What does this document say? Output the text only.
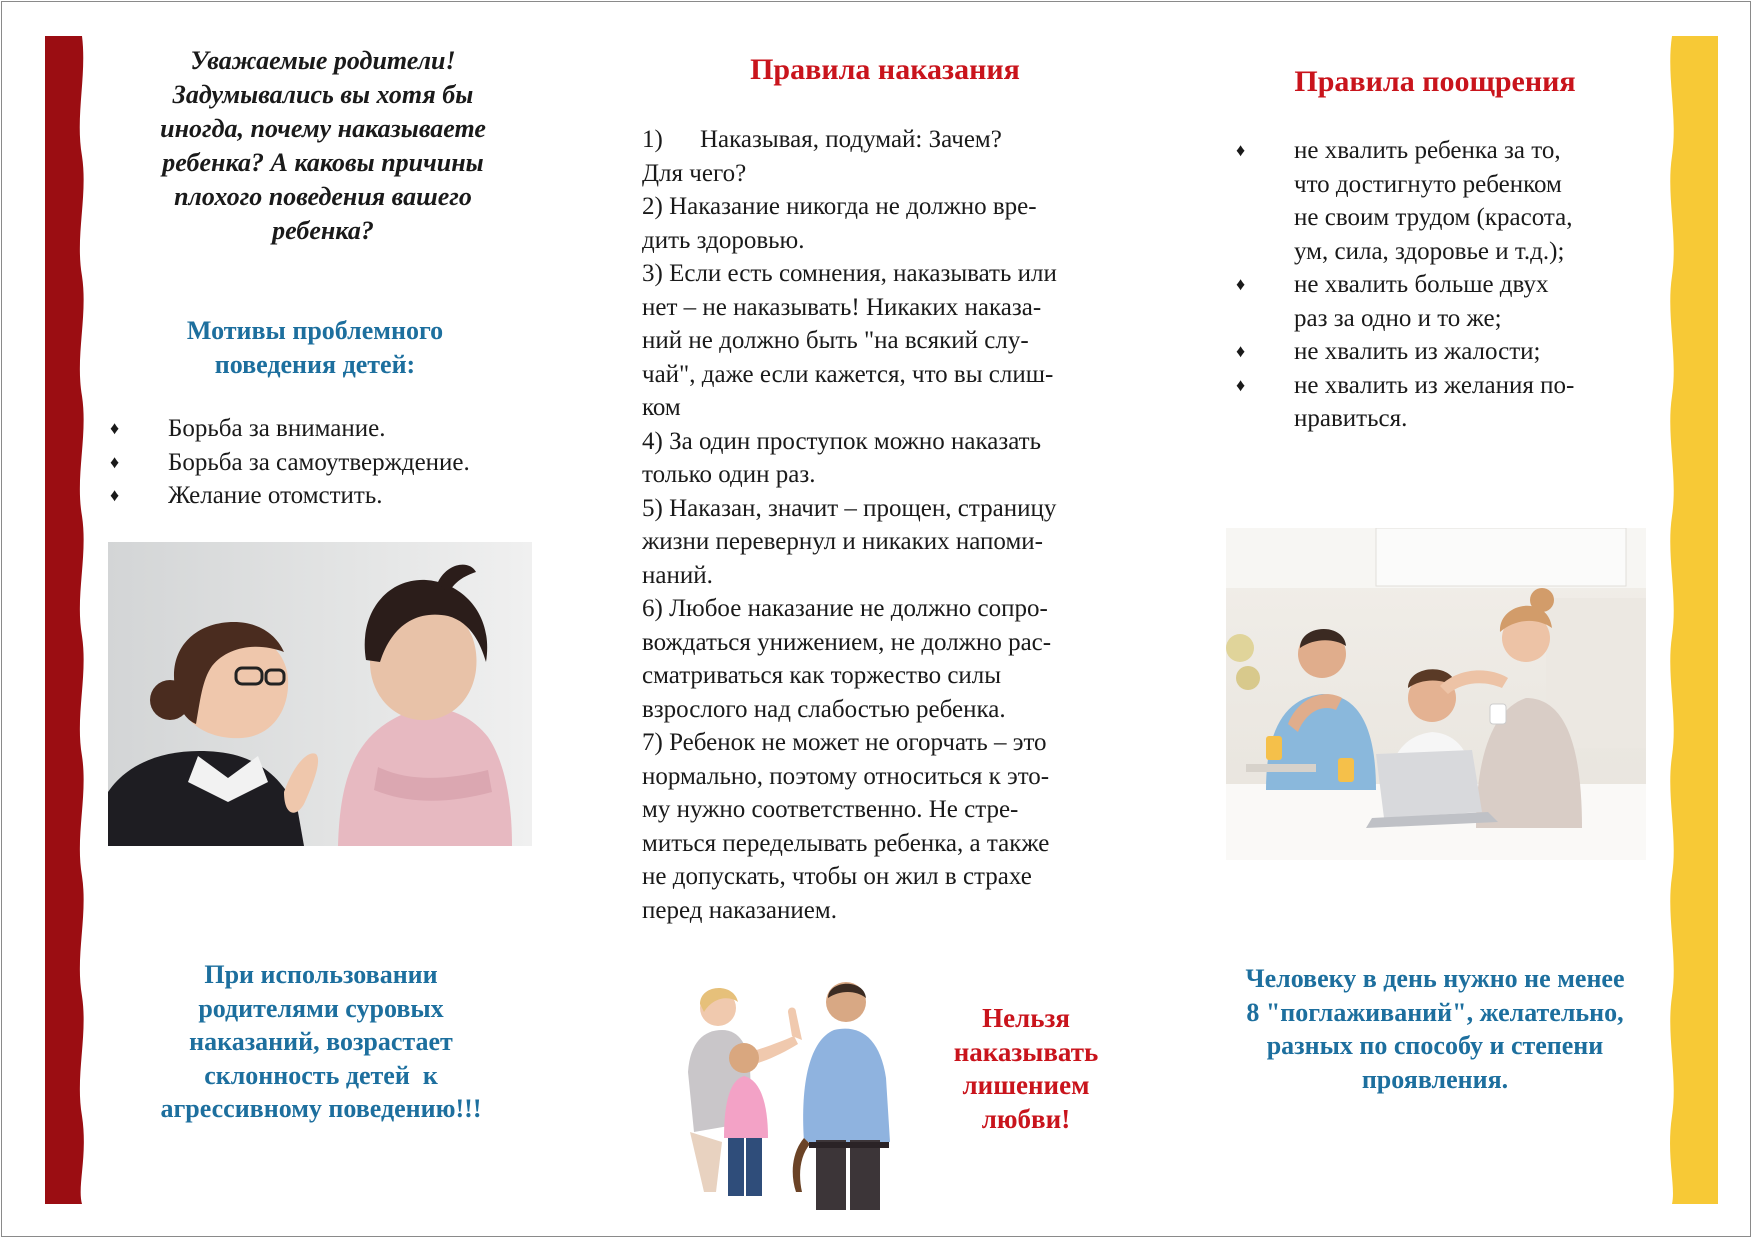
Уважаемые родители!
Задумывались вы хотя бы
иногда, почему наказываете
ребенка? А каковы причины
плохого поведения вашего
ребенка?
Мотивы проблемного
поведения детей:
♦ Борьба за внимание.
♦ Борьба за самоутверждение.
♦ Желание отомстить.
При использовании
родителями суровых
наказаний, возрастает
склонность детей  к
агрессивному поведению!!!
Правила наказания
1) Наказывая, подумай: Зачем?
Для чего?
2) Наказание никогда не должно вре-
дить здоровью.
3) Если есть сомнения, наказывать или
нет – не наказывать! Никаких наказа-
ний не должно быть "на всякий слу-
чай", даже если кажется, что вы слиш-
ком
4) За один проступок можно наказать
только один раз.
5) Наказан, значит – прощен, страницу
жизни перевернул и никаких напоми-
наний.
6) Любое наказание не должно сопро-
вождаться унижением, не должно рас-
сматриваться как торжество силы
взрослого над слабостью ребенка.
7) Ребенок не может не огорчать – это
нормально, поэтому относиться к это-
му нужно соответственно. Не стре-
миться переделывать ребенка, а также
не допускать, чтобы он жил в страхе
перед наказанием.
Нельзя
наказывать
лишением
любви!
Правила поощрения
♦ не хвалить ребенка за то,
что достигнуто ребенком
не своим трудом (красота,
ум, сила, здоровье и т.д.);
♦ не хвалить больше двух
раз за одно и то же;
♦ не хвалить из жалости;
♦ не хвалить из желания по-
нравиться.
Человеку в день нужно не менее
8 "поглаживаний", желательно,
разных по способу и степени
проявления.
